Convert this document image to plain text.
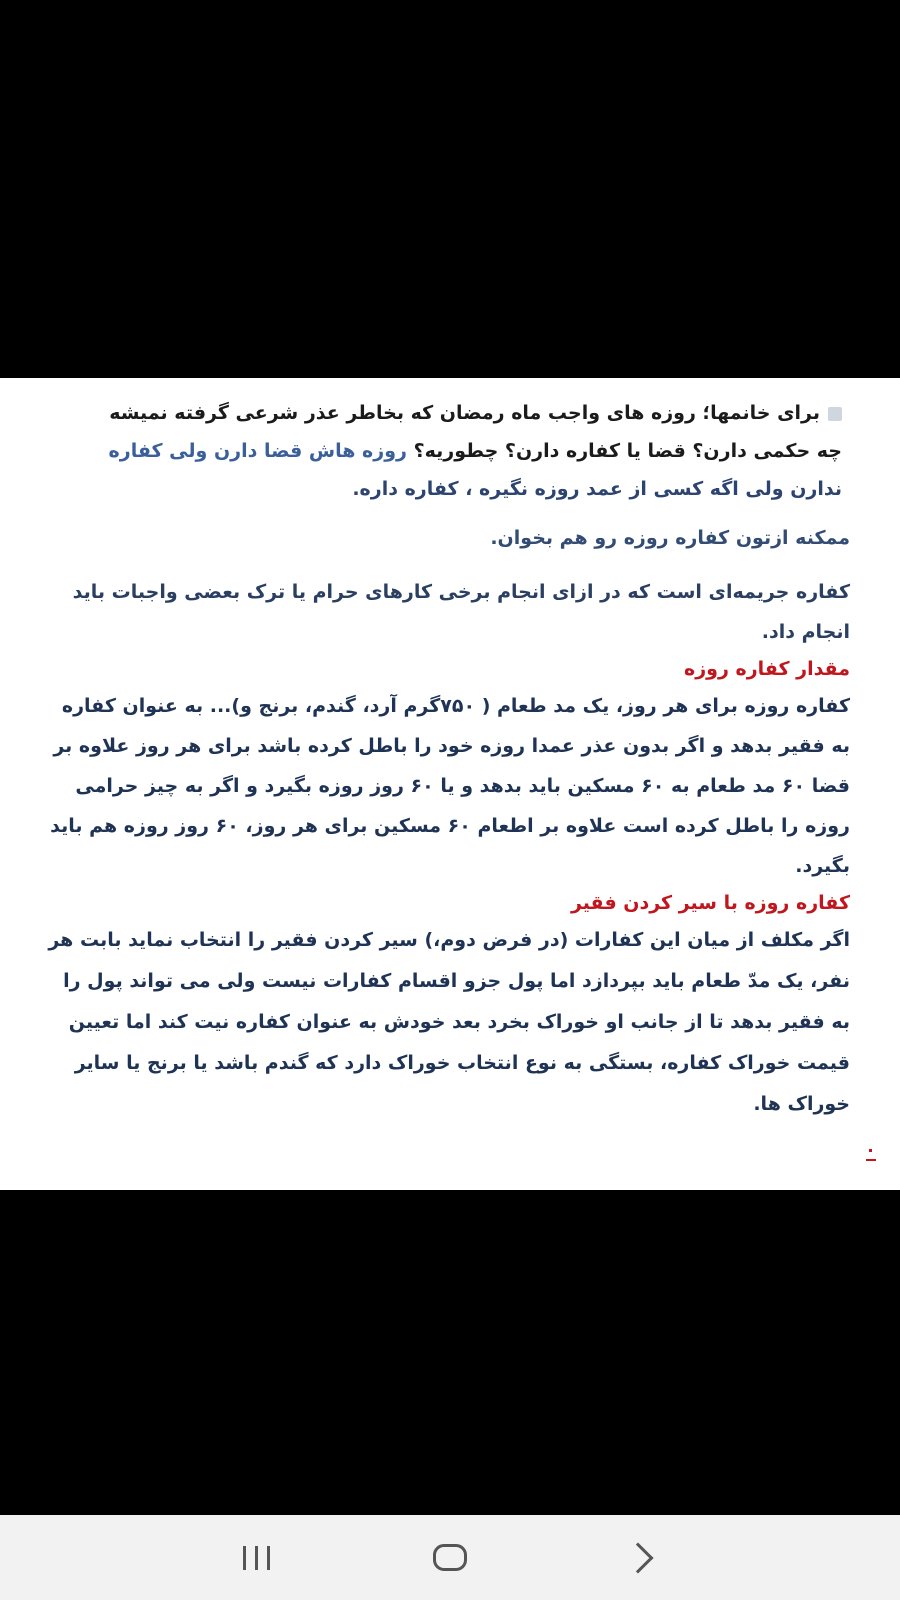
برای خانمها؛ روزه های واجب ماه رمضان که بخاطر عذر شرعی گرفته نمیشه
چه حکمی دارن؟ قضا یا کفاره دارن؟ چطوریه؟ روزه هاش قضا دارن ولی کفاره
ندارن ولی اگه کسی از عمد روزه نگیره ، کفاره داره.

ممکنه ازتون کفاره روزه رو هم بخوان.

کفاره جریمه‌ای است که در ازای انجام برخی کارهای حرام یا ترک بعضی واجبات باید انجام داد.

مقدار کفاره روزه

کفاره روزه برای هر روز، یک مد طعام ( ۷۵۰گرم آرد، گندم، برنج و)... به عنوان کفاره به فقیر بدهد و اگر بدون عذر عمدا روزه خود را باطل کرده باشد برای هر روز علاوه بر قضا ۶۰ مد طعام به ۶۰ مسکین باید بدهد و یا ۶۰ روز روزه بگیرد و اگر به چیز حرامی روزه را باطل کرده است علاوه بر اطعام ۶۰ مسکین برای هر روز، ۶۰ روز روزه هم باید بگیرد.

کفاره روزه با سیر کردن فقیر

اگر مکلف از میان این کفارات (در فرض دوم،) سیر کردن فقیر را انتخاب نماید بابت هر نفر، یک مدّ طعام باید بپردازد اما پول جزو اقسام کفارات نیست ولی می تواند پول را به فقیر بدهد تا از جانب او خوراک بخرد بعد خودش به عنوان کفاره نیت کند اما تعیین قیمت خوراک کفاره، بستگی به نوع انتخاب خوراک دارد که گندم باشد یا برنج یا سایر خوراک ها.
